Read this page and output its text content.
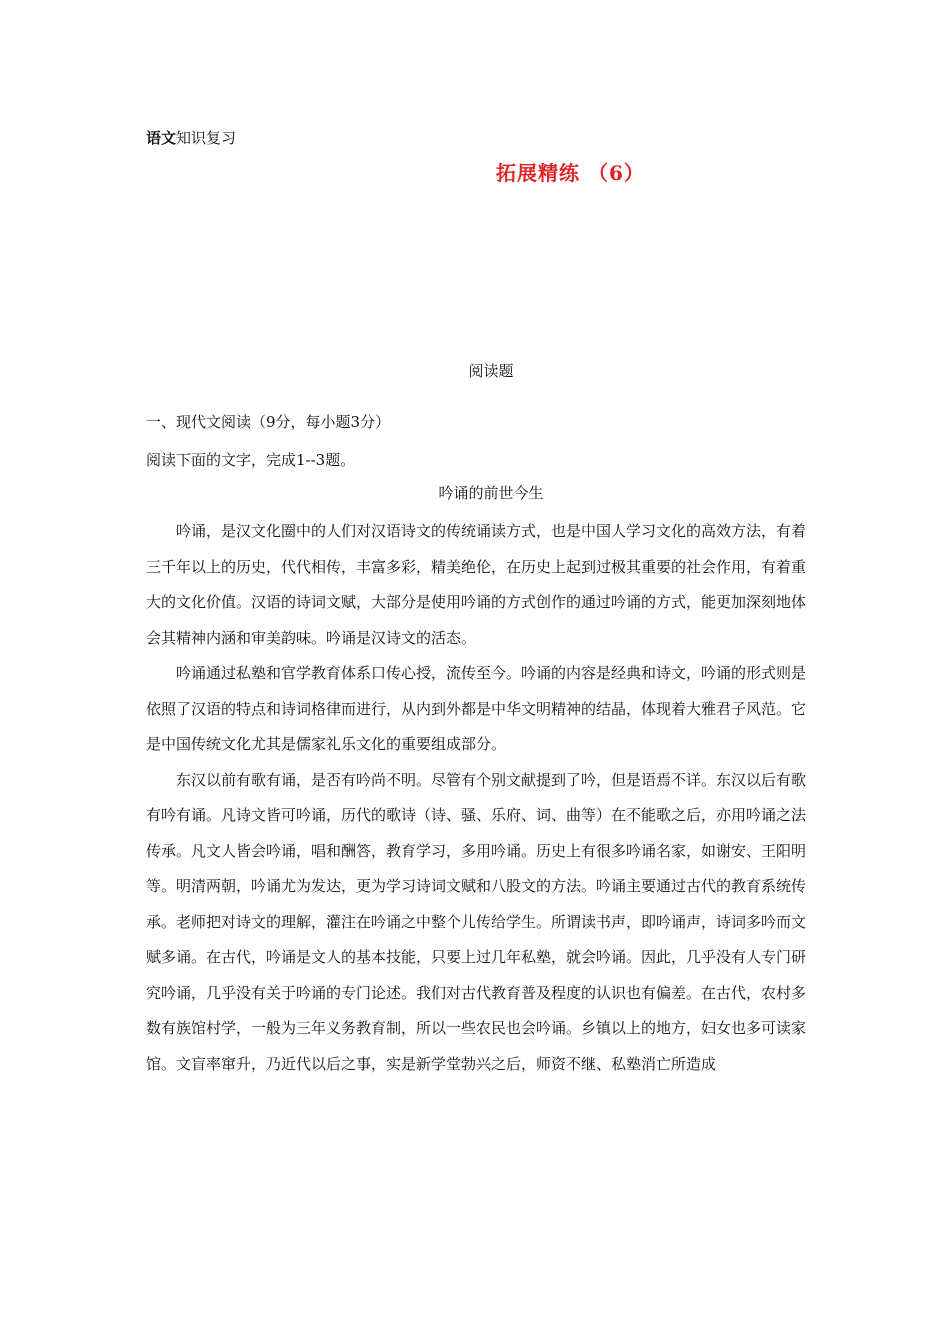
语文知识复习
拓展精练 （6）
阅读题
一、现代文阅读（9分，每小题3分）
阅读下面的文字，完成1--3题。
吟诵的前世今生

吟诵，是汉文化圈中的人们对汉语诗文的传统诵读方式，也是中国人学习文化的高效方法，有着三千年以上的历史，代代相传，丰富多彩，精美绝伦，在历史上起到过极其重要的社会作用，有着重大的文化价值。汉语的诗词文赋，大部分是使用吟诵的方式创作的通过吟诵的方式，能更加深刻地体会其精神内涵和审美韵味。吟诵是汉诗文的活态。

吟诵通过私塾和官学教育体系口传心授，流传至今。吟诵的内容是经典和诗文，吟诵的形式则是依照了汉语的特点和诗词格律而进行，从内到外都是中华文明精神的结晶，体现着大雅君子风范。它是中国传统文化尤其是儒家礼乐文化的重要组成部分。

东汉以前有歌有诵，是否有吟尚不明。尽管有个别文献提到了吟，但是语焉不详。东汉以后有歌有吟有诵。凡诗文皆可吟诵，历代的歌诗（诗、骚、乐府、词、曲等）在不能歌之后，亦用吟诵之法传承。凡文人皆会吟诵，唱和酬答，教育学习，多用吟诵。历史上有很多吟诵名家，如谢安、王阳明等。明清两朝，吟诵尤为发达，更为学习诗词文赋和八股文的方法。吟诵主要通过古代的教育系统传承。老师把对诗文的理解，灌注在吟诵之中整个儿传给学生。所谓读书声，即吟诵声，诗词多吟而文赋多诵。在古代，吟诵是文人的基本技能，只要上过几年私塾，就会吟诵。因此，几乎没有人专门研究吟诵，几乎没有关于吟诵的专门论述。我们对古代教育普及程度的认识也有偏差。在古代，农村多数有族馆村学，一般为三年义务教育制，所以一些农民也会吟诵。乡镇以上的地方，妇女也多可读家馆。文盲率窜升，乃近代以后之事，实是新学堂勃兴之后，师资不继、私塾消亡所造成
